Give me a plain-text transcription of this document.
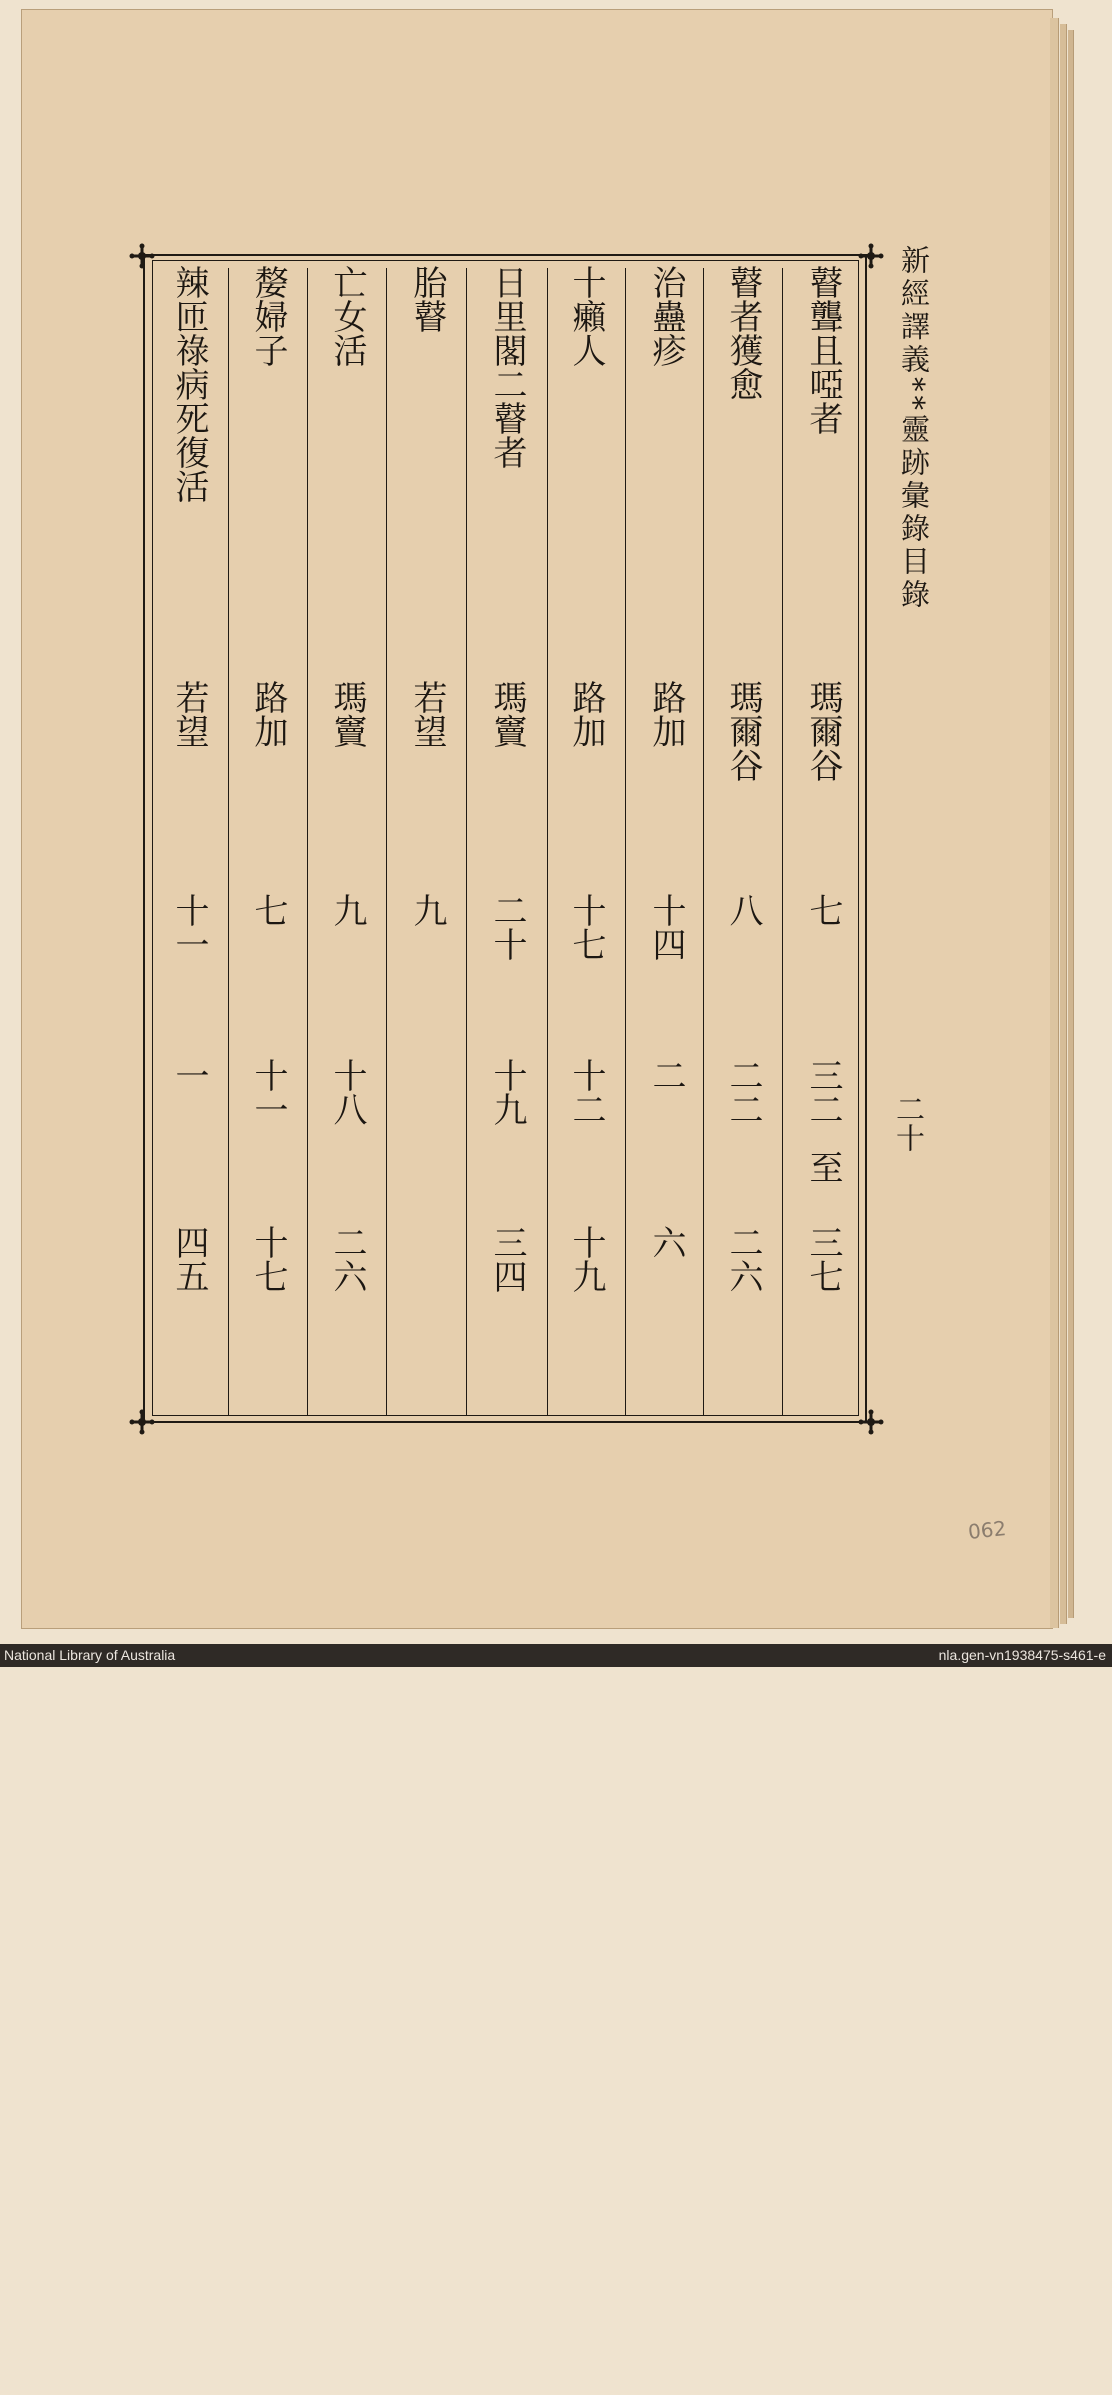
新經譯義**靈跡彙錄目錄
二十
瞽聾且啞者
瑪爾谷
七
三二
至
三七
瞽者獲愈
瑪爾谷
八
二二
二六
治蠱疹
路加
十四
二
六
十癩人
路加
十七
十二
十九
日里閣二瞽者
瑪竇
二十
十九
三四
胎瞽
若望
九
亡女活
瑪竇
九
十八
二六
嫠婦子
路加
七
十一
十七
辣匝祿病死復活
若望
十一
一
四五
062
National Library of Australia	nla.gen-vn1938475-s461-e
